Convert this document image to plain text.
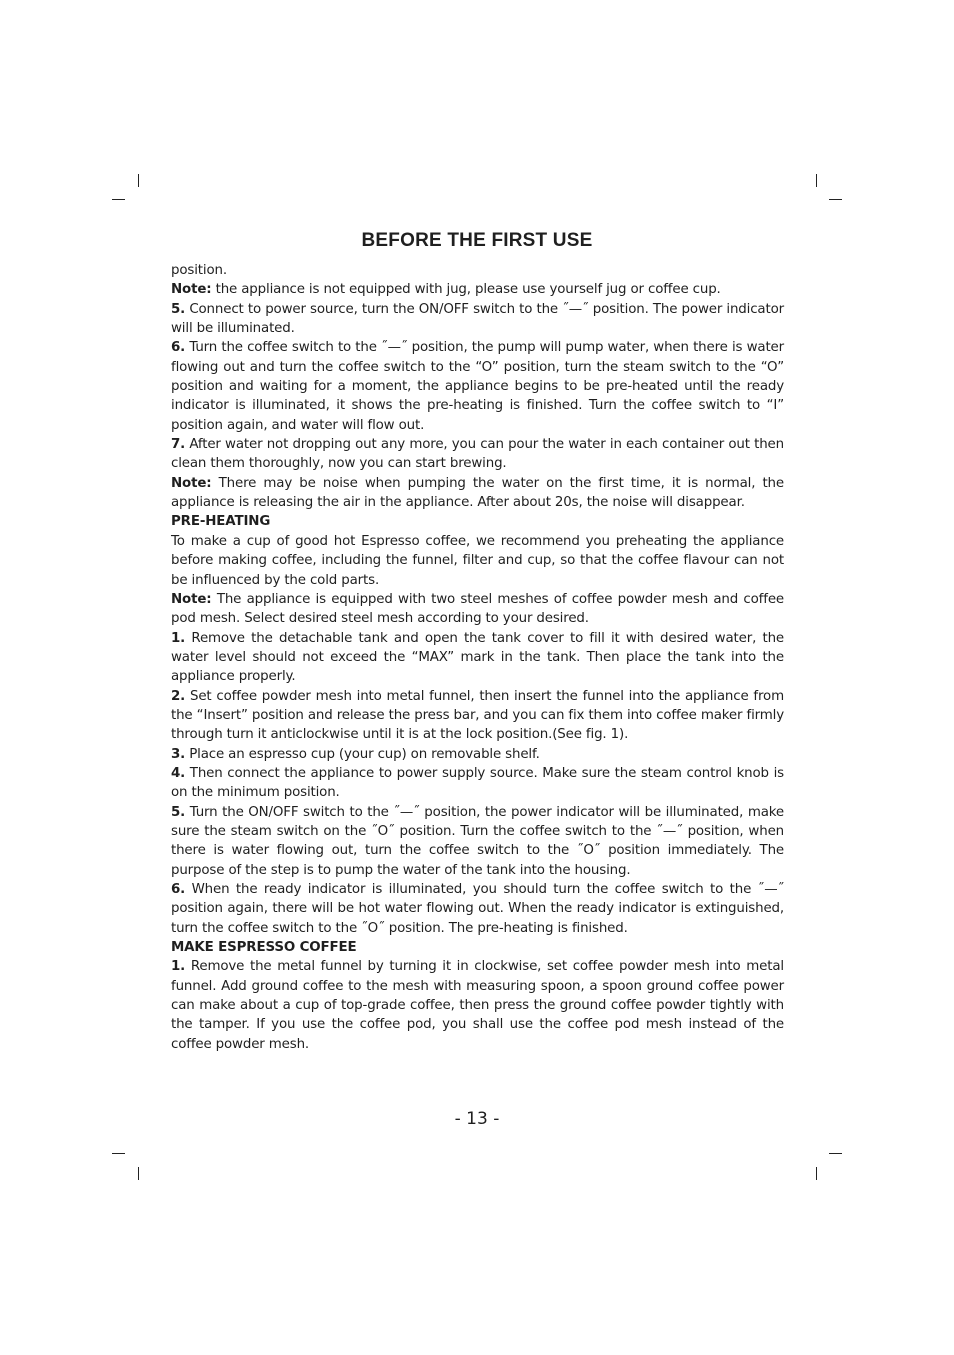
BEFORE THE FIRST USE

position.

Note: the appliance is not equipped with jug, please use yourself jug or coffee cup.

5. Connect to power source, turn the ON/OFF switch to the ˝—˝ position. The power indicator will be illuminated.

6. Turn the coffee switch to the ˝—˝ position, the pump will pump water, when there is water flowing out and turn the coffee switch to the “O” position, turn the steam switch to the “O” position and waiting for a moment, the appliance begins to be pre-heated until the ready indicator is illuminated, it shows the pre-heating is finished. Turn the coffee switch to “I” position again, and water will flow out.

7. After water not dropping out any more, you can pour the water in each container out then clean them thoroughly, now you can start brewing.

Note: There may be noise when pumping the water on the first time, it is normal, the appliance is releasing the air in the appliance. After about 20s, the noise will disappear.

PRE-HEATING

To make a cup of good hot Espresso coffee, we recommend you preheating the appliance before making coffee, including the funnel, filter and cup, so that the coffee flavour can not be influenced by the cold parts.

Note: The appliance is equipped with two steel meshes of coffee powder mesh and coffee pod mesh. Select desired steel mesh according to your desired.

1. Remove the detachable tank and open the tank cover to fill it with desired water, the water level should not exceed the “MAX” mark in the tank. Then place the tank into the appliance properly.

2. Set coffee powder mesh into metal funnel, then insert the funnel into the appliance from the “Insert” position and release the press bar, and you can fix them into coffee maker firmly through turn it anticlockwise until it is at the lock position.(See fig. 1).

3. Place an espresso cup (your cup) on removable shelf.

4. Then connect the appliance to power supply source. Make sure the steam control knob is on the minimum position.

5. Turn the ON/OFF switch to the ˝—˝ position, the power indicator will be illuminated, make sure the steam switch on the ˝O˝ position. Turn the coffee switch to the ˝—˝ position, when there is water flowing out, turn the coffee switch to the ˝O˝ position immediately. The purpose of the step is to pump the water of the tank into the housing.

6. When the ready indicator is illuminated, you should turn the coffee switch to the ˝—˝ position again, there will be hot water flowing out. When the ready indicator is extinguished, turn the coffee switch to the ˝O˝ position. The pre-heating is finished.

MAKE ESPRESSO COFFEE

1. Remove the metal funnel by turning it in clockwise, set coffee powder mesh into metal funnel. Add ground coffee to the mesh with measuring spoon, a spoon ground coffee power can make about a cup of top-grade coffee, then press the ground coffee powder tightly with the tamper. If you use the coffee pod, you shall use the coffee pod mesh instead of the coffee powder mesh.

- 13 -
